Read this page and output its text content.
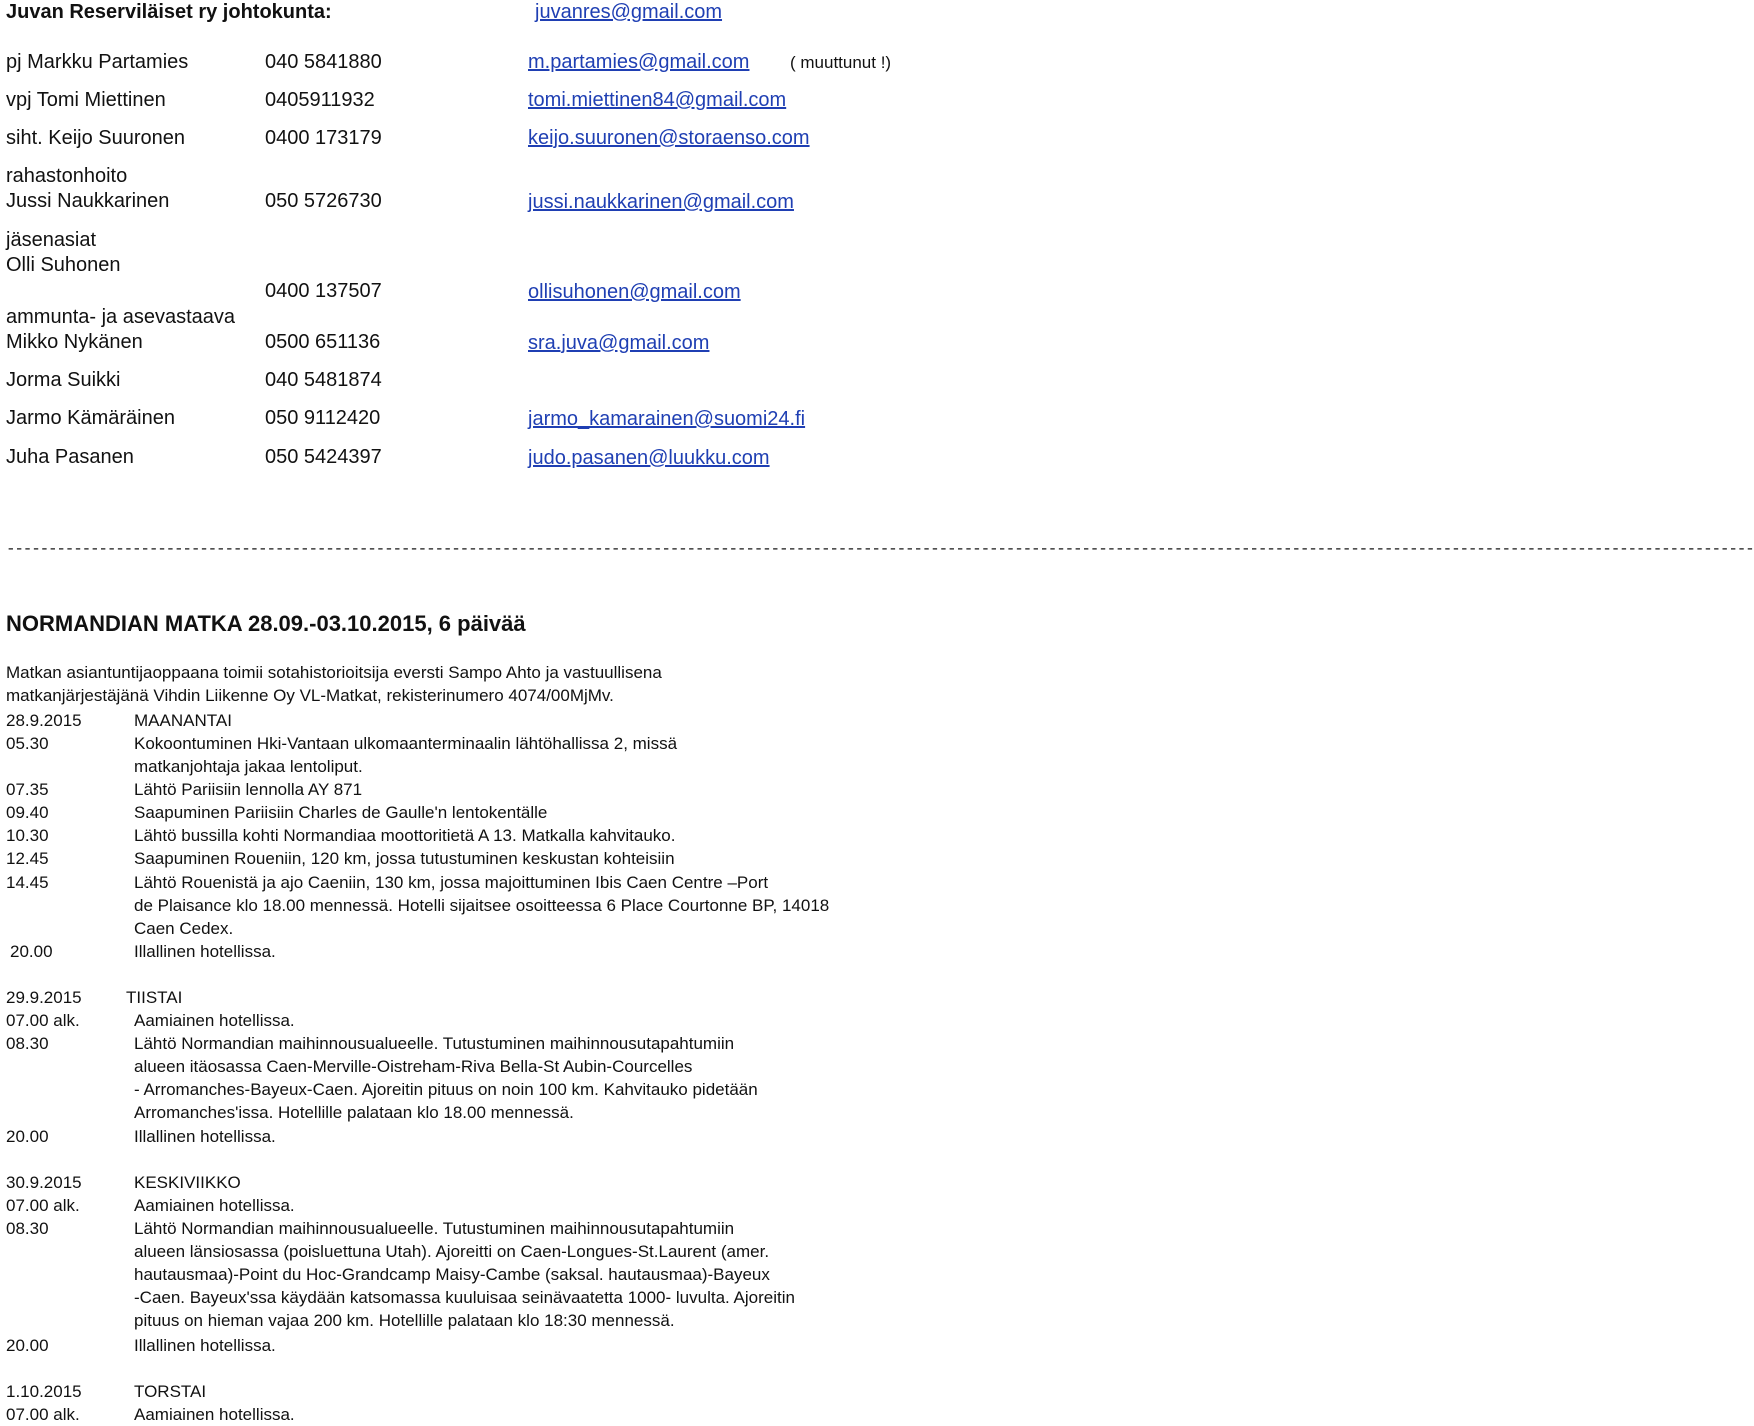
Juvan Reserviläiset ry johtokunta:	juvanres@gmail.com
pj Markku Partamies	040 5841880	m.partamies@gmail.com ( muuttunut !)
vpj Tomi Miettinen	0405911932	tomi.miettinen84@gmail.com
siht. Keijo Suuronen	0400 173179	keijo.suuronen@storaenso.com
rahastonhoito
Jussi Naukkarinen	050 5726730	jussi.naukkarinen@gmail.com
jäsenasiat
Olli Suhonen
0400 137507	ollisuhonen@gmail.com
ammunta- ja asevastaava
Mikko Nykänen	0500 651136	sra.juva@gmail.com
Jorma Suikki	040 5481874
Jarmo Kämäräinen	050 9112420	jarmo_kamarainen@suomi24.fi
Juha Pasanen	050 5424397	judo.pasanen@luukku.com
----------------------------------------------------------------------------------------------------------------------------------------------------------------------------------------------------------------
NORMANDIAN MATKA 28.09.-03.10.2015, 6 päivää
Matkan asiantuntijaoppaana toimii sotahistorioitsija eversti Sampo Ahto ja vastuullisena
matkanjärjestäjänä Vihdin Liikenne Oy VL-Matkat, rekisterinumero 4074/00MjMv.
28.9.2015	MAANANTAI
05.30	Kokoontuminen Hki-Vantaan ulkomaanterminaalin lähtöhallissa 2, missä
matkanjohtaja jakaa lentoliput.
07.35	Lähtö Pariisiin lennolla AY 871
09.40	Saapuminen Pariisiin Charles de Gaulle'n lentokentälle
10.30	Lähtö bussilla kohti Normandiaa moottoritietä A 13. Matkalla kahvitauko.
12.45	Saapuminen Roueniin, 120 km, jossa tutustuminen keskustan kohteisiin
14.45	Lähtö Rouenistä ja ajo Caeniin, 130 km, jossa majoittuminen Ibis Caen Centre –Port
de Plaisance klo 18.00 mennessä. Hotelli sijaitsee osoitteessa 6 Place Courtonne BP, 14018
Caen Cedex.
20.00	Illallinen hotellissa.
29.9.2015	TIISTAI
07.00 alk.	Aamiainen hotellissa.
08.30	Lähtö Normandian maihinnousualueelle. Tutustuminen maihinnousutapahtumiin
alueen itäosassa Caen-Merville-Oistreham-Riva Bella-St Aubin-Courcelles
- Arromanches-Bayeux-Caen. Ajoreitin pituus on noin 100 km. Kahvitauko pidetään
Arromanches'issa. Hotellille palataan klo 18.00 mennessä.
20.00	Illallinen hotellissa.
30.9.2015	KESKIVIIKKO
07.00 alk.	Aamiainen hotellissa.
08.30	Lähtö Normandian maihinnousualueelle. Tutustuminen maihinnousutapahtumiin
alueen länsiosassa (poisluettuna Utah). Ajoreitti on Caen-Longues-St.Laurent (amer.
hautausmaa)-Point du Hoc-Grandcamp Maisy-Cambe (saksal. hautausmaa)-Bayeux
-Caen. Bayeux'ssa käydään katsomassa kuuluisaa seinävaatetta 1000- luvulta. Ajoreitin
pituus on hieman vajaa 200 km. Hotellille palataan klo 18:30 mennessä.
20.00	Illallinen hotellissa.
1.10.2015	TORSTAI
07.00 alk.	Aamiainen hotellissa.
